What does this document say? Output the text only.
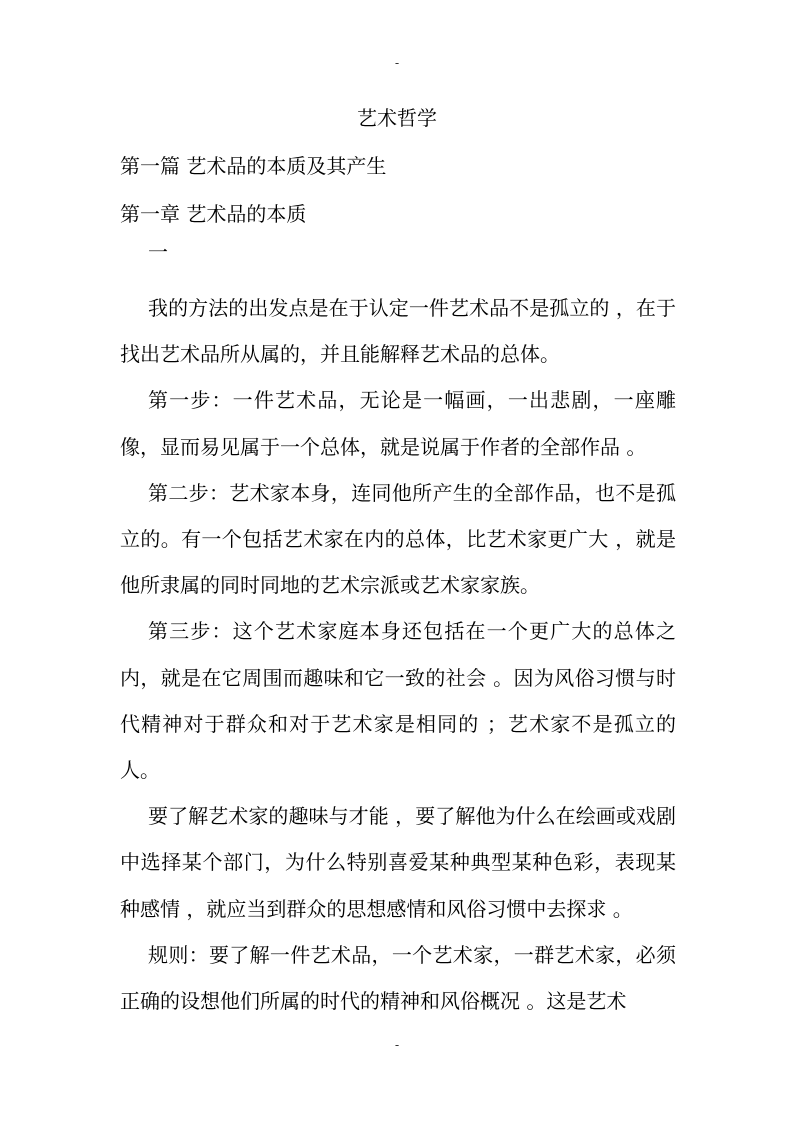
-
艺术哲学
第一篇 艺术品的本质及其产生
第一章 艺术品的本质
一

我的方法的出发点是在于认定一件艺术品不是孤立的 ，在于找出艺术品所从属的，并且能解释艺术品的总体。

第一步：一件艺术品，无论是一幅画，一出悲剧，一座雕像，显而易见属于一个总体，就是说属于作者的全部作品 。

第二步：艺术家本身，连同他所产生的全部作品，也不是孤立的。有一个包括艺术家在内的总体，比艺术家更广大 ，就是他所隶属的同时同地的艺术宗派或艺术家家族。

第三步：这个艺术家庭本身还包括在一个更广大的总体之内，就是在它周围而趣味和它一致的社会 。因为风俗习惯与时代精神对于群众和对于艺术家是相同的 ；艺术家不是孤立的人。

要了解艺术家的趣味与才能 ，要了解他为什么在绘画或戏剧中选择某个部门，为什么特别喜爱某种典型某种色彩，表现某种感情 ，就应当到群众的思想感情和风俗习惯中去探求 。

规则：要了解一件艺术品，一个艺术家，一群艺术家，必须正确的设想他们所属的时代的精神和风俗概况 。这是艺术

-
